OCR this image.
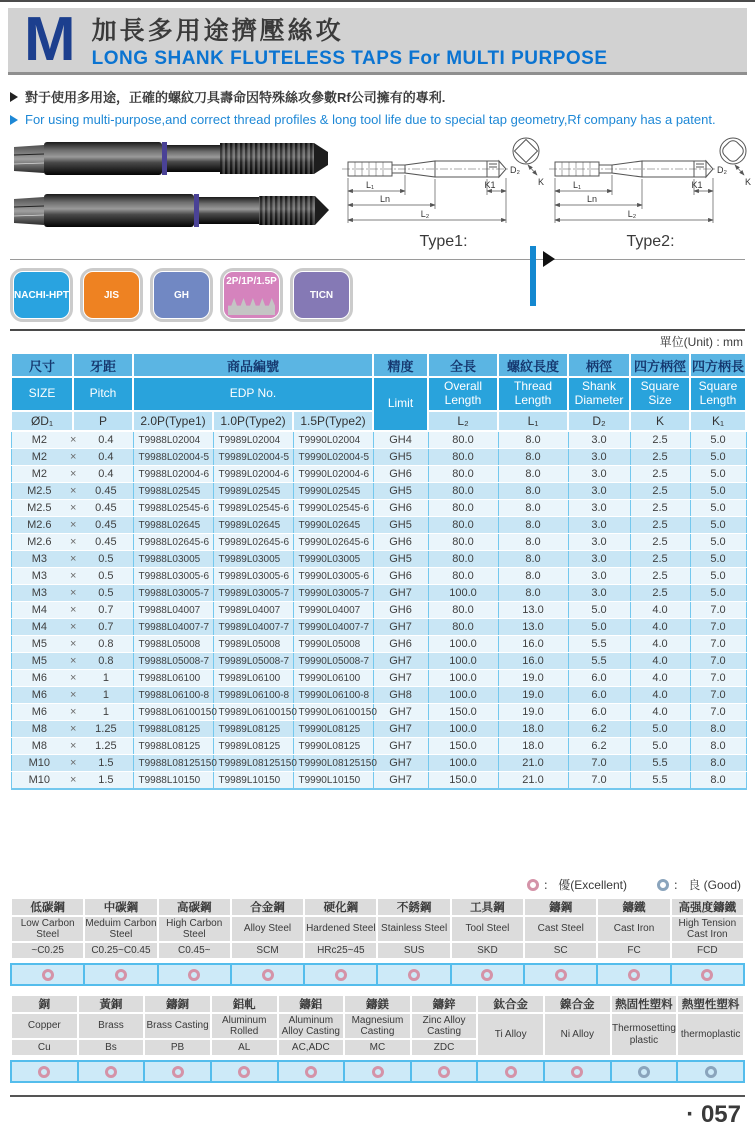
M 加長多用途擠壓絲攻
LONG SHANK FLUTELESS TAPS For MULTI PURPOSE
對于使用多用途，正確的螺紋刀具壽命因特殊絲攻參數Rf公司擁有的專利.
For using multi-purpose,and correct thread profiles & long tool life due to special tap geometry,Rf company has a patent.
L₁	K1
Ln
L₂
D₂
K
Type1:
L₁	K1
Ln
L₂
D₂
K
Type2:
NACHI-HPT	JIS	GH
2P/1P/1.5P
TICN
單位(Unit) : mm
尺寸	牙距	商品編號			精度	全長	螺紋長度	柄徑	四方柄徑	四方柄長
SIZE	Pitch	EDP No.			Limit	Overall Length	Thread Length	Shank Diameter	Square Size	Square Length
ØD₁	P	2.0P(Type1)	1.0P(Type2)	1.5P(Type2)		L₂	L₁	D₂	K	K₁
M2 × 0.4		T9988L02004	T9989L02004	T9990L02004	GH4	80.0	8.0	3.0	2.5	5.0
M2 × 0.4		T9988L02004-5	T9989L02004-5	T9990L02004-5	GH5	80.0	8.0	3.0	2.5	5.0
M2 × 0.4		T9988L02004-6	T9989L02004-6	T9990L02004-6	GH6	80.0	8.0	3.0	2.5	5.0
M2.5 × 0.45		T9988L02545	T9989L02545	T9990L02545	GH5	80.0	8.0	3.0	2.5	5.0
M2.5 × 0.45		T9988L02545-6	T9989L02545-6	T9990L02545-6	GH6	80.0	8.0	3.0	2.5	5.0
M2.6 × 0.45		T9988L02645	T9989L02645	T9990L02645	GH5	80.0	8.0	3.0	2.5	5.0
M2.6 × 0.45		T9988L02645-6	T9989L02645-6	T9990L02645-6	GH6	80.0	8.0	3.0	2.5	5.0
M3 × 0.5		T9988L03005	T9989L03005	T9990L03005	GH5	80.0	8.0	3.0	2.5	5.0
M3 × 0.5		T9988L03005-6	T9989L03005-6	T9990L03005-6	GH6	80.0	8.0	3.0	2.5	5.0
M3 × 0.5		T9988L03005-7	T9989L03005-7	T9990L03005-7	GH7	100.0	8.0	3.0	2.5	5.0
M4 × 0.7		T9988L04007	T9989L04007	T9990L04007	GH6	80.0	13.0	5.0	4.0	7.0
M4 × 0.7		T9988L04007-7	T9989L04007-7	T9990L04007-7	GH7	80.0	13.0	5.0	4.0	7.0
M5 × 0.8		T9988L05008	T9989L05008	T9990L05008	GH6	100.0	16.0	5.5	4.0	7.0
M5 × 0.8		T9988L05008-7	T9989L05008-7	T9990L05008-7	GH7	100.0	16.0	5.5	4.0	7.0
M6 × 1		T9988L06100	T9989L06100	T9990L06100	GH7	100.0	19.0	6.0	4.0	7.0
M6 × 1		T9988L06100-8	T9989L06100-8	T9990L06100-8	GH8	100.0	19.0	6.0	4.0	7.0
M6 × 1		T9988L06100150	T9989L06100150	T9990L06100150	GH7	150.0	19.0	6.0	4.0	7.0
M8 × 1.25		T9988L08125	T9989L08125	T9990L08125	GH7	100.0	18.0	6.2	5.0	8.0
M8 × 1.25		T9988L08125	T9989L08125	T9990L08125	GH7	150.0	18.0	6.2	5.0	8.0
M10 × 1.5		T9988L08125150	T9989L08125150	T9990L08125150	GH7	100.0	21.0	7.0	5.5	8.0
M10 × 1.5		T9988L10150	T9989L10150	T9990L10150	GH7	150.0	21.0	7.0	5.5	8.0
： 優(Excellent)	： 良 (Good)
低碳鋼	中碳鋼	高碳鋼	合金鋼	硬化鋼	不銹鋼	工具鋼	鑄鋼	鑄鐵	高强度鑄鐵
Low Carbon Steel	Meduim Carbon Steel	High Carbon Steel	Alloy Steel	Hardened Steel	Stainless Steel	Tool Steel	Cast Steel	Cast Iron	High Tension Cast Iron
~C0.25	C0.25~C0.45	C0.45~	SCM	HRc25~45	SUS	SKD	SC	FC	FCD
銅	黃銅	鑄銅	鋁軋	鑄鋁	鑄鎂	鑄鋅	鈦合金	鎳合金	熱固性塑料	熱塑性塑料
Copper	Brass	Brass Casting	Aluminum Rolled	Aluminum Alloy Casting	Magnesium Casting	Zinc Alloy Casting	Ti Alloy	Ni Alloy	Thermosetting plastic	thermoplastic
Cu	Bs	PB	AL	AC,ADC	MC	ZDC				
· 057
